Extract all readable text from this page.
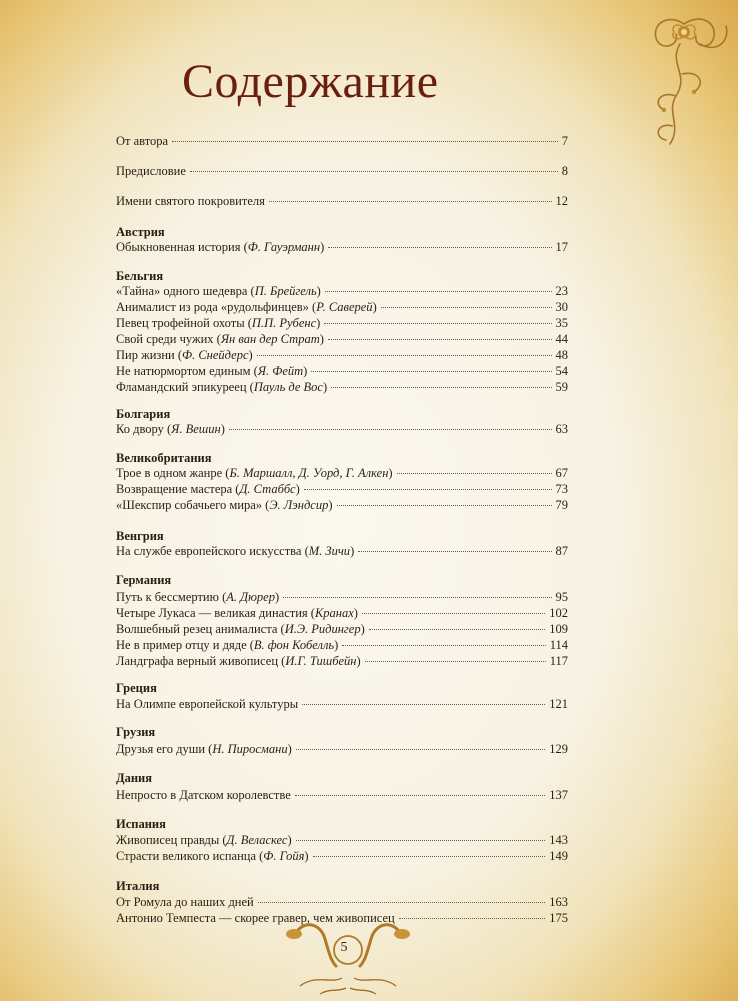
Содержание
От автора	7
Предисловие	8
Имени святого покровителя	12
Австрия
Обыкновенная история (Ф. Гауэрманн)	17
Бельгия
«Тайна» одного шедевра (П. Брейгель)	23
Анималист из рода «рудольфинцев» (Р. Саверей)	30
Певец трофейной охоты (П.П. Рубенс)	35
Свой среди чужих (Ян ван дер Страт)	44
Пир жизни (Ф. Снейдерс)	48
Не натюрмортом единым (Я. Фейт)	54
Фламандский эпикуреец (Пауль де Вос)	59
Болгария
Ко двору (Я. Вешин)	63
Великобритания
Трое в одном жанре (Б. Маршалл, Д. Уорд, Г. Алкен)	67
Возвращение мастера (Д. Стаббс)	73
«Шекспир собачьего мира» (Э. Лэндсир)	79
Венгрия
На службе европейского искусства (М. Зичи)	87
Германия
Путь к бессмертию (А. Дюрер)	95
Четыре Лукаса — великая династия (Кранах)	102
Волшебный резец анималиста (И.Э. Ридингер)	109
Не в пример отцу и дяде (В. фон Кобелль)	114
Ландграфа верный живописец (И.Г. Тишбейн)	117
Греция
На Олимпе европейской культуры	121
Грузия
Друзья его души (Н. Пиросмани)	129
Дания
Непросто в Датском королевстве	137
Испания
Живописец правды (Д. Веласкес)	143
Страсти великого испанца (Ф. Гойя)	149
Италия
От Ромула до наших дней	163
Антонио Темпеста — скорее гравер, чем живописец	175
5
